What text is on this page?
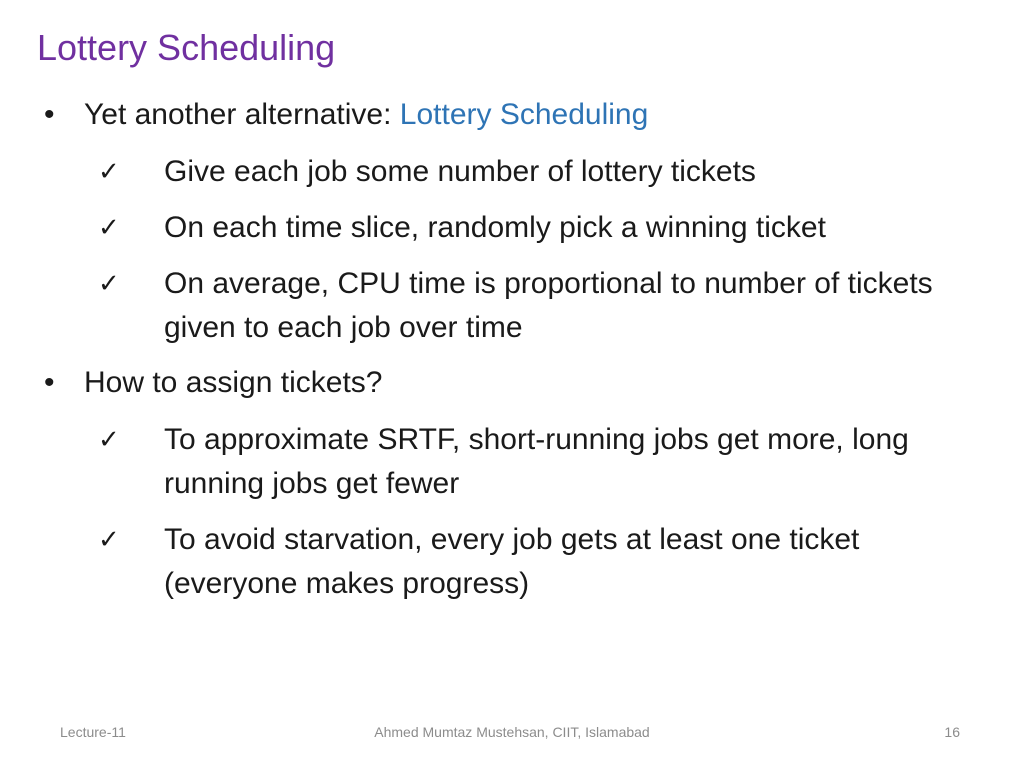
Lottery Scheduling
• Yet another alternative: Lottery Scheduling
✓	Give each job some number of lottery tickets
✓	On each time slice, randomly pick a winning ticket
✓	On average, CPU time is proportional to number of tickets given to each job over time
• How to assign tickets?
✓	To approximate SRTF, short-running jobs get more, long running jobs get fewer
✓	To avoid starvation, every job gets at least one ticket (everyone makes progress)
Lecture-11	Ahmed Mumtaz Mustehsan, CIIT, Islamabad	16
